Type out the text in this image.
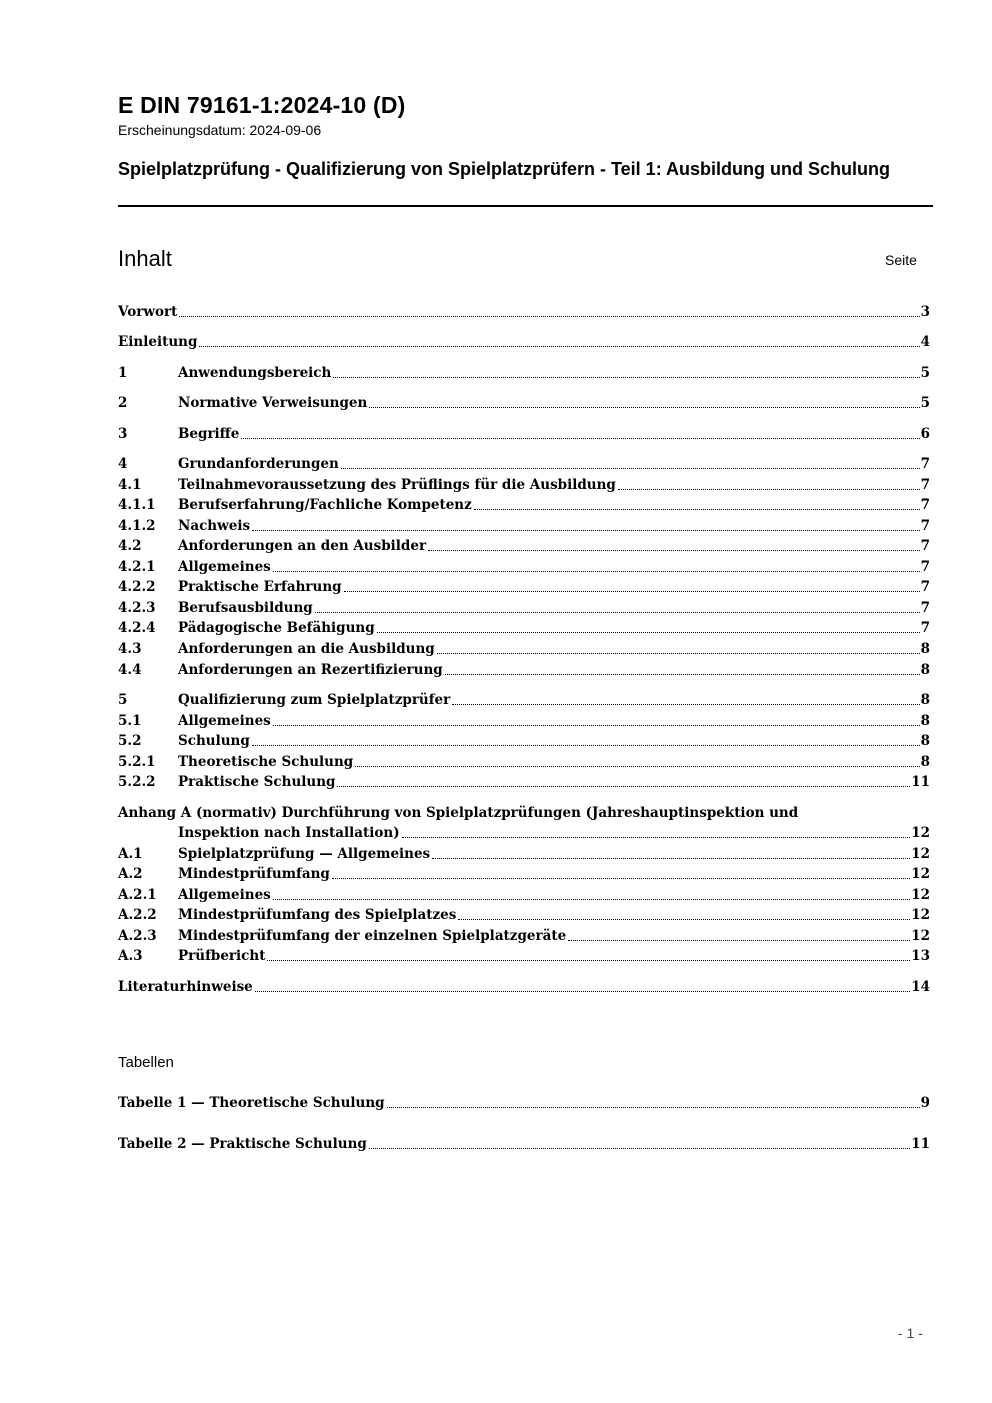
E DIN 79161-1:2024-10 (D)
Erscheinungsdatum: 2024-09-06
Spielplatzprüfung - Qualifizierung von Spielplatzprüfern - Teil 1: Ausbildung und Schulung
Inhalt	Seite
Vorwort	3
Einleitung	4
1	Anwendungsbereich	5
2	Normative Verweisungen	5
3	Begriffe	6
4	Grundanforderungen	7
4.1	Teilnahmevoraussetzung des Prüflings für die Ausbildung	7
4.1.1	Berufserfahrung/Fachliche Kompetenz	7
4.1.2	Nachweis	7
4.2	Anforderungen an den Ausbilder	7
4.2.1	Allgemeines	7
4.2.2	Praktische Erfahrung	7
4.2.3	Berufsausbildung	7
4.2.4	Pädagogische Befähigung	7
4.3	Anforderungen an die Ausbildung	8
4.4	Anforderungen an Rezertifizierung	8
5	Qualifizierung zum Spielplatzprüfer	8
5.1	Allgemeines	8
5.2	Schulung	8
5.2.1	Theoretische Schulung	8
5.2.2	Praktische Schulung	11
Anhang A (normativ) Durchführung von Spielplatzprüfungen (Jahreshauptinspektion und
Inspektion nach Installation)	12
A.1	Spielplatzprüfung — Allgemeines	12
A.2	Mindestprüfumfang	12
A.2.1	Allgemeines	12
A.2.2	Mindestprüfumfang des Spielplatzes	12
A.2.3	Mindestprüfumfang der einzelnen Spielplatzgeräte	12
A.3	Prüfbericht	13
Literaturhinweise	14
Tabellen
Tabelle 1 — Theoretische Schulung	9
Tabelle 2 — Praktische Schulung	11
- 1 -
